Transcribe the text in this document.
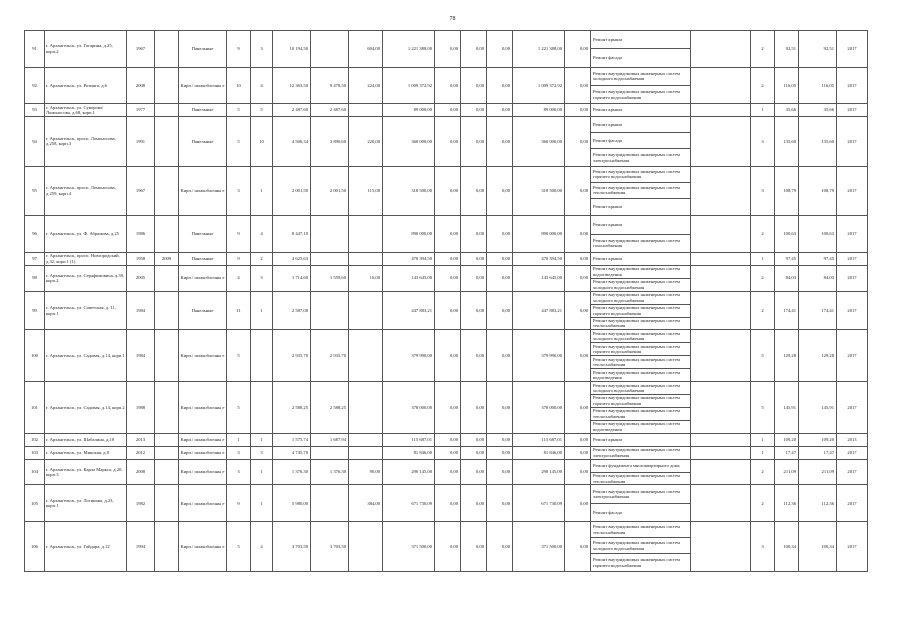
78
91	г. Архангельск, ул. Гагарина, д.25, корп.2	1967		Панельные	9	3	10 194,50		604,00	1 221 388,00	0,00	0,00	0,00	1 221 388,00	0,00	Ремонт крыши		2	92,51	92,51	2017
																Ремонт фасада					
92	г. Архангельск, ул. Розинга, д.6	2008		Кирп./ шлакоблочны е	10	4	12 363,50	9 478,50	224,00	1 009 372,92	0,00	0,00	0,00	1 009 372,92	0,00	Ремонт внутридомовых инженерных систем холодного водоснабжения		2	116,05	116,05	2017
																Ремонт внутридомовых инженерных систем горячего водоснабжения					
93	г. Архангельск, ул. Суворова/Ломоносова, д.68, корп.1	1977		Панельные	5	5	2 487,60	2 487,60		89 000,00	0,00	0,00	0,00	89 000,00	0,00	Ремонт крыши		1	35,66	35,66	2017
94	г. Архангельск, просп. Ломоносова, д.258, корп.3	1991		Панельные	5	10	4 506,34	3 890,60	220,00	360 000,00	0,00	0,00	0,00	360 000,00	0,00	Ремонт крыши		3	135,60	135,60	2017
																Ремонт фасада					
																Ремонт внутридомовых инженерных систем электроснабжения					
95	г. Архангельск, просп. Ломоносова, д.259, корп.4	1967		Кирп./ шлакоблочны е	3	1	2 001,50	2 001,50	115,00	318 500,00	0,00	0,00	0,00	318 500,00	0,00	Ремонт внутридомовых инженерных систем горячего водоснабжения		3	108,79	108,79	2017
																Ремонт внутридомовых инженерных систем теплоснабжения					
																Ремонт крыши					
96	г. Архангельск, ул. Ф. Абрамова, д.25	1986		Панельные	9	4	8 447,10			890 000,00	0,00	0,00	0,00	890 000,00	0,00	Ремонт крыши		2	100,63	100,63	2017
																Ремонт внутридомовых инженерных систем газоснабжения					
97	г. Архангельск, просп. Новгородский, д.32, корп.1 (1)	1958	2009	Панельные	9	2	4 625,63			470 394,50	0,00	0,00	0,00	470 394,50	0,00	Ремонт крыши		1	97,45	97,45	2017
98	г. Архангельск, ул. Серафимовича, д.39, корп.2	2005		Кирп./ шлакоблочны е	4	3	1 714,60	1 559,60	16,00	143 645,00	0,00	0,00	0,00	143 645,00	0,00	Ремонт внутридомовых инженерных систем водоотведения		2	84,03	84,03	2017
																Ремонт внутридомовых инженерных систем холодного водоснабжения					
99	г. Архангельск, ул. Советская, д. 11, корп.1	1984		Панельные	11	1	2 587,00			447 883,21	0,00	0,00	0,00	447 883,21	0,00	Ремонт внутридомовых инженерных систем холодного водоснабжения		2	174,41	174,41	2017
																Ремонт внутридомовых инженерных систем горячего водоснабжения					
																Ремонт внутридомовых инженерных систем теплоснабжения					
100	г. Архангельск, ул. Садовая, д.14, корп.1	1984		Кирп./ шлакоблочны е	5		2 935,70	2 935,70		379 990,00	0,00	0,00	0,00	379 990,00	0,00	Ремонт внутридомовых инженерных систем холодного водоснабжения		5	129,28	129,28	2017
																Ремонт внутридомовых инженерных систем горячего водоснабжения					
																Ремонт внутридомовых инженерных систем теплоснабжения					
																Ремонт внутридомовых инженерных систем водоотведения					
101	г. Архангельск, ул. Садовая, д.14, корп.2	1988		Кирп./ шлакоблочны е	5		2 588,25	2 588,25		378 000,00	0,00	0,00	0,00	378 000,00	0,00	Ремонт внутридомовых инженерных систем холодного водоснабжения		5	145,91	145,91	2017
																Ремонт внутридомовых инженерных систем горячего водоснабжения					
																Ремонт внутридомовых инженерных систем теплоснабжения					
																Ремонт внутридомовых инженерных систем водоотведения					
102	г. Архангельск, ул. Шабалина, д.10	2013		Кирп./ шлакоблочны е	1	1	1 575,74	1 687,94		115 687,01	0,00	0,00	0,00	115 687,01	0,00	Ремонт крыши		1	109,20	109,20	2013
103	г. Архангельск, ул. Минская, д.8	2012		Кирп./ шлакоблочны е	3	3	4 745,70			81 846,00	0,00	0,00	0,00	81 846,00	0,00	Ремонт внутридомовых инженерных систем электроснабжения		1	17,47	17,47	2017
104	г. Архангельск, ул. Карла Маркса, д.20, корп.3	2008		Кирп./ шлакоблочны е	3	1	1 376,30	1 376,30	90,00	290 145,00	0,00	0,00	0,00	290 145,00	0,00	Ремонт фундамента многоквартирного дома		2	211,09	211,09	2017
																Ремонт внутридомовых инженерных систем теплоснабжения					
105	г. Архангельск, ул. Логинова, д.23, корп.1	1982		Кирп./ шлакоблочны е	9	1	5 980,00		384,00	671 730,09	0,00	0,00	0,00	671 730,09	0,00	Ремонт внутридомовых инженерных систем электроснабжения		2	112,36	112,36	2017
																Ремонт фасада					
106	г. Архангельск, ул. Гайдара, д.12	1994		Кирп./ шлакоблочны е	5	4	3 703,50	3 703,50		371 500,00	0,00	0,00	0,00	371 500,00	0,00	Ремонт внутридомовых инженерных систем теплоснабжения		3	100,34	100,34	2017
																Ремонт внутридомовых инженерных систем холодного водоснабжения					
																Ремонт внутридомовых инженерных систем горячего водоснабжения					
